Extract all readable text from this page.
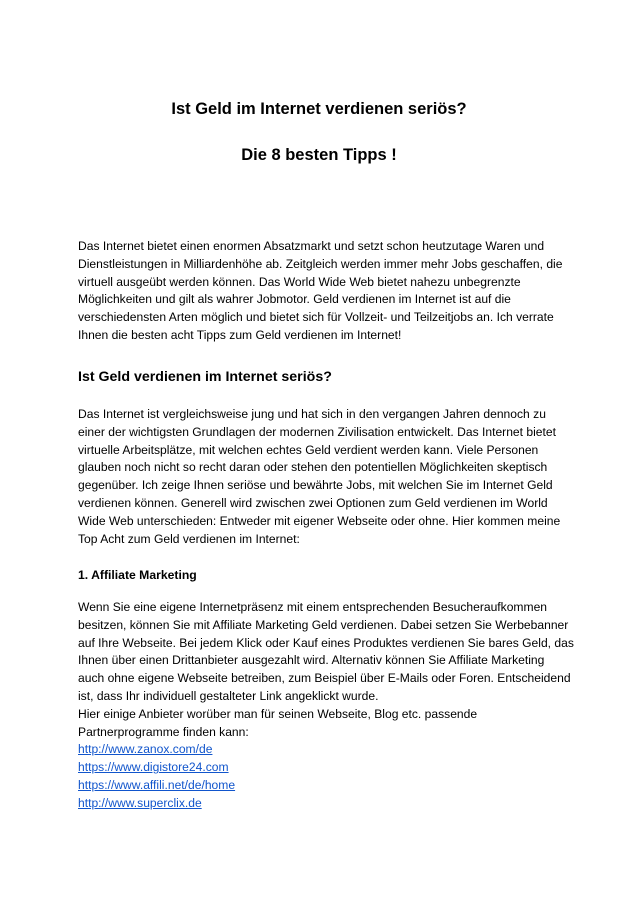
Ist Geld im Internet verdienen seriös?
Die 8 besten Tipps !
Das Internet bietet einen enormen Absatzmarkt und setzt schon heutzutage Waren und
Dienstleistungen in Milliardenhöhe ab. Zeitgleich werden immer mehr Jobs geschaffen, die
virtuell ausgeübt werden können. Das World Wide Web bietet nahezu unbegrenzte
Möglichkeiten und gilt als wahrer Jobmotor. Geld verdienen im Internet ist auf die
verschiedensten Arten möglich und bietet sich für Vollzeit- und Teilzeitjobs an. Ich verrate
Ihnen die besten acht Tipps zum Geld verdienen im Internet!
Ist Geld verdienen im Internet seriös?
Das Internet ist vergleichsweise jung und hat sich in den vergangen Jahren dennoch zu
einer der wichtigsten Grundlagen der modernen Zivilisation entwickelt. Das Internet bietet
virtuelle Arbeitsplätze, mit welchen echtes Geld verdient werden kann. Viele Personen
glauben noch nicht so recht daran oder stehen den potentiellen Möglichkeiten skeptisch
gegenüber. Ich zeige Ihnen seriöse und bewährte Jobs, mit welchen Sie im Internet Geld
verdienen können. Generell wird zwischen zwei Optionen zum Geld verdienen im World
Wide Web unterschieden: Entweder mit eigener Webseite oder ohne. Hier kommen meine
Top Acht zum Geld verdienen im Internet:
1. Affiliate Marketing
Wenn Sie eine eigene Internetpräsenz mit einem entsprechenden Besucheraufkommen
besitzen, können Sie mit Affiliate Marketing Geld verdienen. Dabei setzen Sie Werbebanner
auf Ihre Webseite. Bei jedem Klick oder Kauf eines Produktes verdienen Sie bares Geld, das
Ihnen über einen Drittanbieter ausgezahlt wird. Alternativ können Sie Affiliate Marketing
auch ohne eigene Webseite betreiben, zum Beispiel über E-Mails oder Foren. Entscheidend
ist, dass Ihr individuell gestalteter Link angeklickt wurde.
Hier einige Anbieter worüber man für seinen Webseite, Blog etc. passende
Partnerprogramme finden kann:
http://www.zanox.com/de
https://www.digistore24.com
https://www.affili.net/de/home
http://www.superclix.de
